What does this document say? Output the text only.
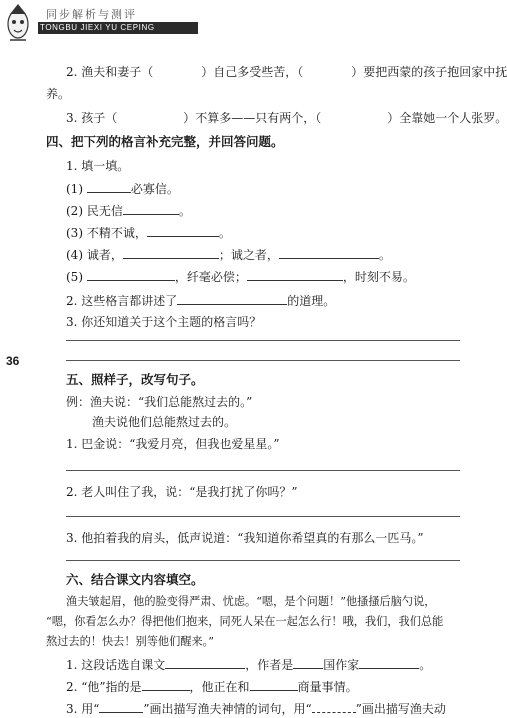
同步解析与测评
TONGBU JIEXI YU CEPING
36
2. 渔夫和妻子（	）自己多受些苦，（	）要把西蒙的孩子抱回家中抚
养。
3. 孩子（	）不算多——只有两个，（	）全靠她一个人张罗。
四、把下列的格言补充完整，并回答问题。
1. 填一填。
(1)	必寡信。
(2) 民无信	。
(3) 不精不诚，	。
(4) 诚者，	；诚之者，	。
(5)	，纤毫必偿；	，时刻不易。
2. 这些格言都讲述了	的道理。
3. 你还知道关于这个主题的格言吗？
五、照样子，改写句子。
例：渔夫说：“我们总能熬过去的。”
渔夫说他们总能熬过去的。
1. 巴金说：“我爱月亮，但我也爱星星。”
2. 老人叫住了我，说：“是我打扰了你吗？”
3. 他拍着我的肩头，低声说道：“我知道你希望真的有那么一匹马。”
六、结合课文内容填空。
渔夫皱起眉，他的脸变得严肃、忧虑。“嗯，是个问题！”他搔搔后脑勺说，
“嗯，你看怎么办？得把他们抱来，同死人呆在一起怎么行！哦，我们，我们总能
熬过去的！快去！别等他们醒来。”
1. 这段话选自课文	，作者是	国作家	。
2. “他”指的是	，他正在和	商量事情。
3. 用“	”画出描写渔夫神情的词句，用“	”画出描写渔夫动
